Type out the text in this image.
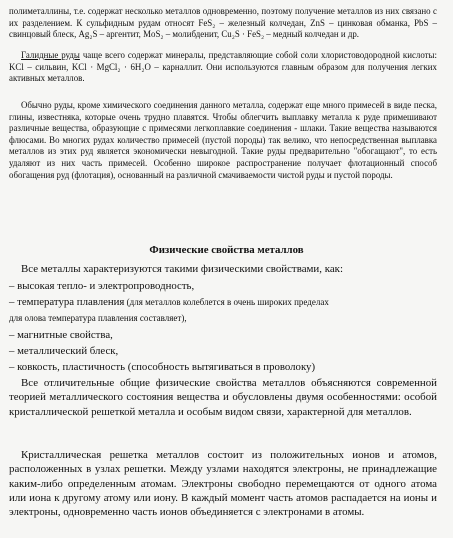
полиметаллины, т.е. содержат несколько металлов одновременно, поэтому получение металлов из них связано с их разделением. К сульфидным рудам относят FeS₂ – железный колчедан, ZnS – цинковая обманка, PbS – свинцовый блеск, Ag₂S – аргентит, MoS₂ – молибденит, Cu₂S · FeS₂ – медный колчедан и др.

Галидные руды чаще всего содержат минералы, представляющие собой соли хлористоводородной кислоты: KCl – сильвин, KCl · MgCl₂ · 6H₂O – карналлит. Они используются главным образом для получения легких активных металлов.

Обычно руды, кроме химического соединения данного металла, содержат еще много примесей в виде песка, глины, известняка, которые очень трудно плавятся. Чтобы облегчить выплавку металла к руде примешивают различные вещества, образующие с примесями легкоплавкие соединения - шлаки. Такие вещества называются флюсами. Во многих рудах количество примесей (пустой породы) так велико, что непосредственная выплавка металлов из этих руд является экономически невыгодной. Такие руды предварительно "обогащают", то есть удаляют из них часть примесей. Особенно широкое распространение получает флотационный способ обогащения руд (флотация), основанный на различной смачиваемости чистой руды и пустой породы.

Физические свойства металлов

Все металлы характеризуются такими физическими свойствами, как:

– высокая тепло- и электропроводность,
– температура плавления (для металлов колеблется в очень широких пределах
для олова температура плавления составляет),
– магнитные свойства,
– металлический блеск,
– ковкость, пластичность (способность вытягиваться в проволоку)

Все отличительные общие физические свойства металлов объясняются современной теорией металлического состояния вещества и обусловлены двумя особенностями: особой кристаллической решеткой металла и особым видом связи, характерной для металлов.

Кристаллическая решетка металлов состоит из положительных ионов и атомов, расположенных в узлах решетки. Между узлами находятся электроны, не принадлежащие каким-либо определенным атомам. Электроны свободно перемещаются от одного атома или иона к другому атому или иону. В каждый момент часть атомов распадается на ионы и электроны, одновременно часть ионов объединяется с электронами в атомы.
